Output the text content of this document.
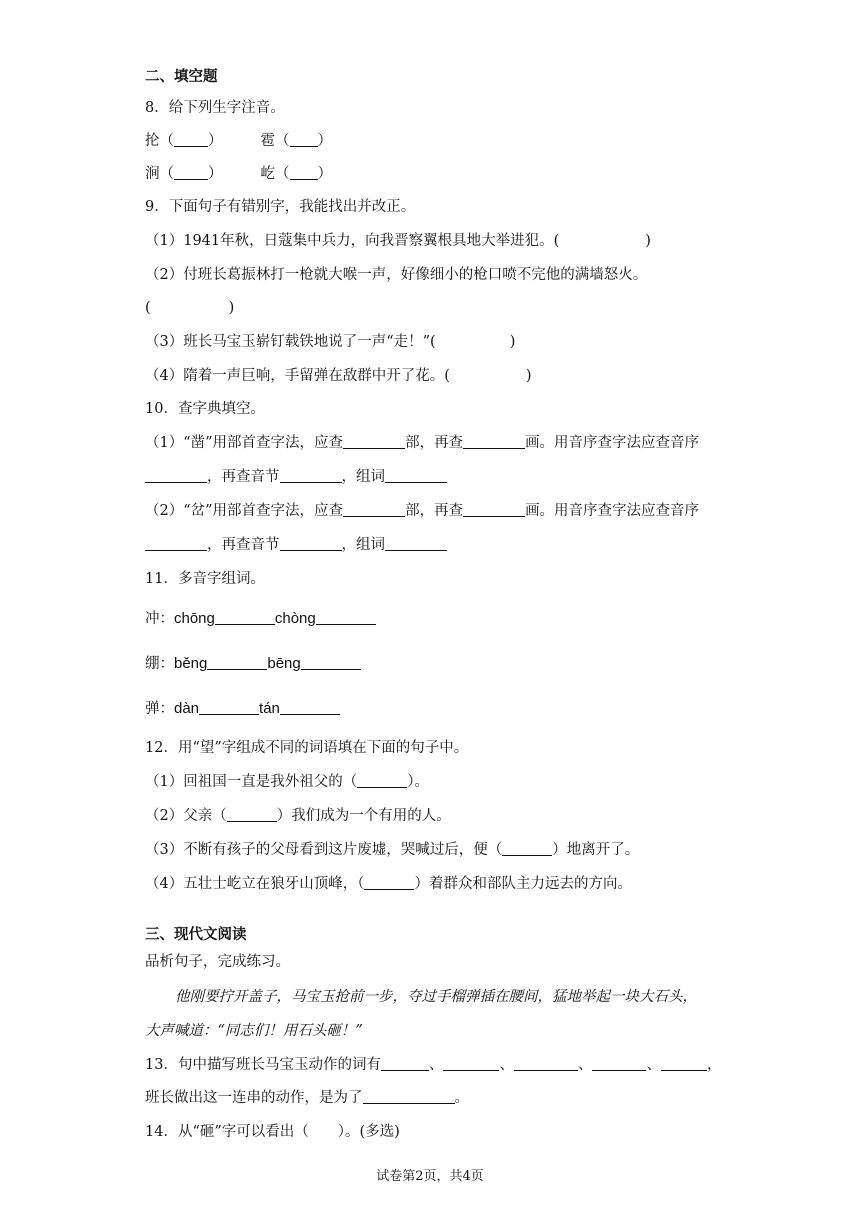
二、填空题
8．给下列生字注音。
抡（ ）	雹（ ）
涧（ ）	屹（ ）
9．下面句子有错别字，我能找出并改正。
（1）1941年秋，日蔻集中兵力，向我晋察翼根具地大举进犯。(	)
（2）付班长葛振林打一枪就大喉一声，好像细小的枪口喷不完他的满墙怒火。
(	)
（3）班长马宝玉崭钉载铁地说了一声“走！”(	)
（4）隋着一声巨响，手留弹在敌群中开了花。(	)
10．查字典填空。
（1）“凿”用部首查字法，应查	部，再查	画。用音序查字法应查音序
，再查音节	，组词
（2）“岔”用部首查字法，应查	部，再查	画。用音序查字法应查音序
，再查音节	，组词
11．多音字组词。
冲：chōng	chòng
绷：běng	bēng
弹：dàn	tán
12．用“望”字组成不同的词语填在下面的句子中。
（1）回祖国一直是我外祖父的（	）。
（2）父亲（	）我们成为一个有用的人。
（3）不断有孩子的父母看到这片废墟，哭喊过后，便（	）地离开了。
（4）五壮士屹立在狼牙山顶峰，（	）着群众和部队主力远去的方向。
三、现代文阅读
品析句子，完成练习。
他刚要拧开盖子，马宝玉抢前一步，夺过手榴弹插在腰间，猛地举起一块大石头，
大声喊道：“同志们！用石头砸！”
13．句中描写班长马宝玉动作的词有	、	、	、	、	，
班长做出这一连串的动作，是为了	。
14．从“砸”字可以看出（　　）。(多选)
试卷第2页，共4页
